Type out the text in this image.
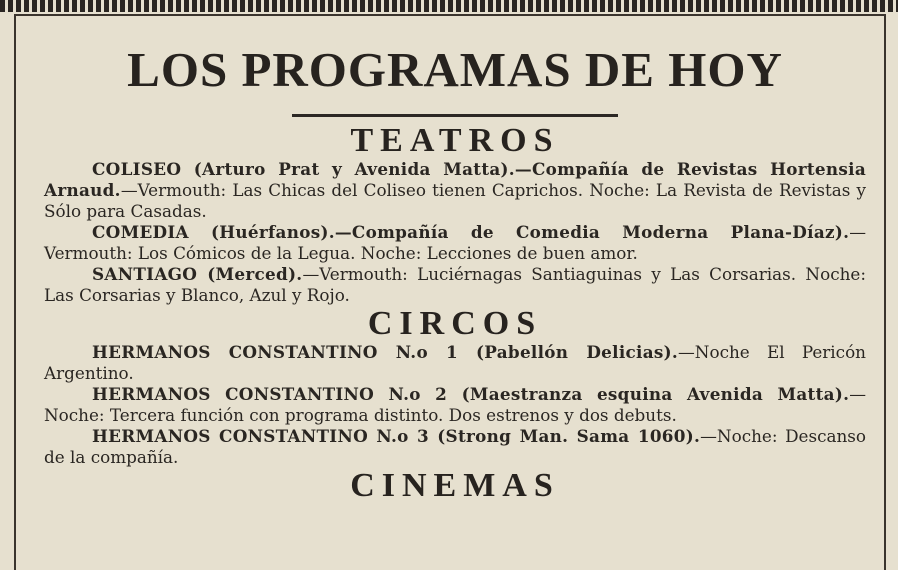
LOS PROGRAMAS DE HOY
TEATROS

COLISEO (Arturo Prat y Avenida Matta).—Compañía de Revistas Hortensia Arnaud.—Vermouth: Las Chicas del Coliseo tienen Caprichos. Noche: La Revista de Revistas y Sólo para Casadas.

COMEDIA (Huérfanos).—Compañía de Comedia Moderna Plana-Díaz).—Vermouth: Los Cómicos de la Legua. Noche: Lecciones de buen amor.

SANTIAGO (Merced).—Vermouth: Luciérnagas Santiaguinas y Las Corsarias. Noche: Las Corsarias y Blanco, Azul y Rojo.

CIRCOS

HERMANOS CONSTANTINO N.o 1 (Pabellón Delicias).—Noche El Pericón Argentino.

HERMANOS CONSTANTINO N.o 2 (Maestranza esquina Avenida Matta).—Noche: Tercera función con programa distinto. Dos estrenos y dos debuts.

HERMANOS CONSTANTINO N.o 3 (Strong Man. Sama 1060).—Noche: Descanso de la compañía.

CINEMAS
